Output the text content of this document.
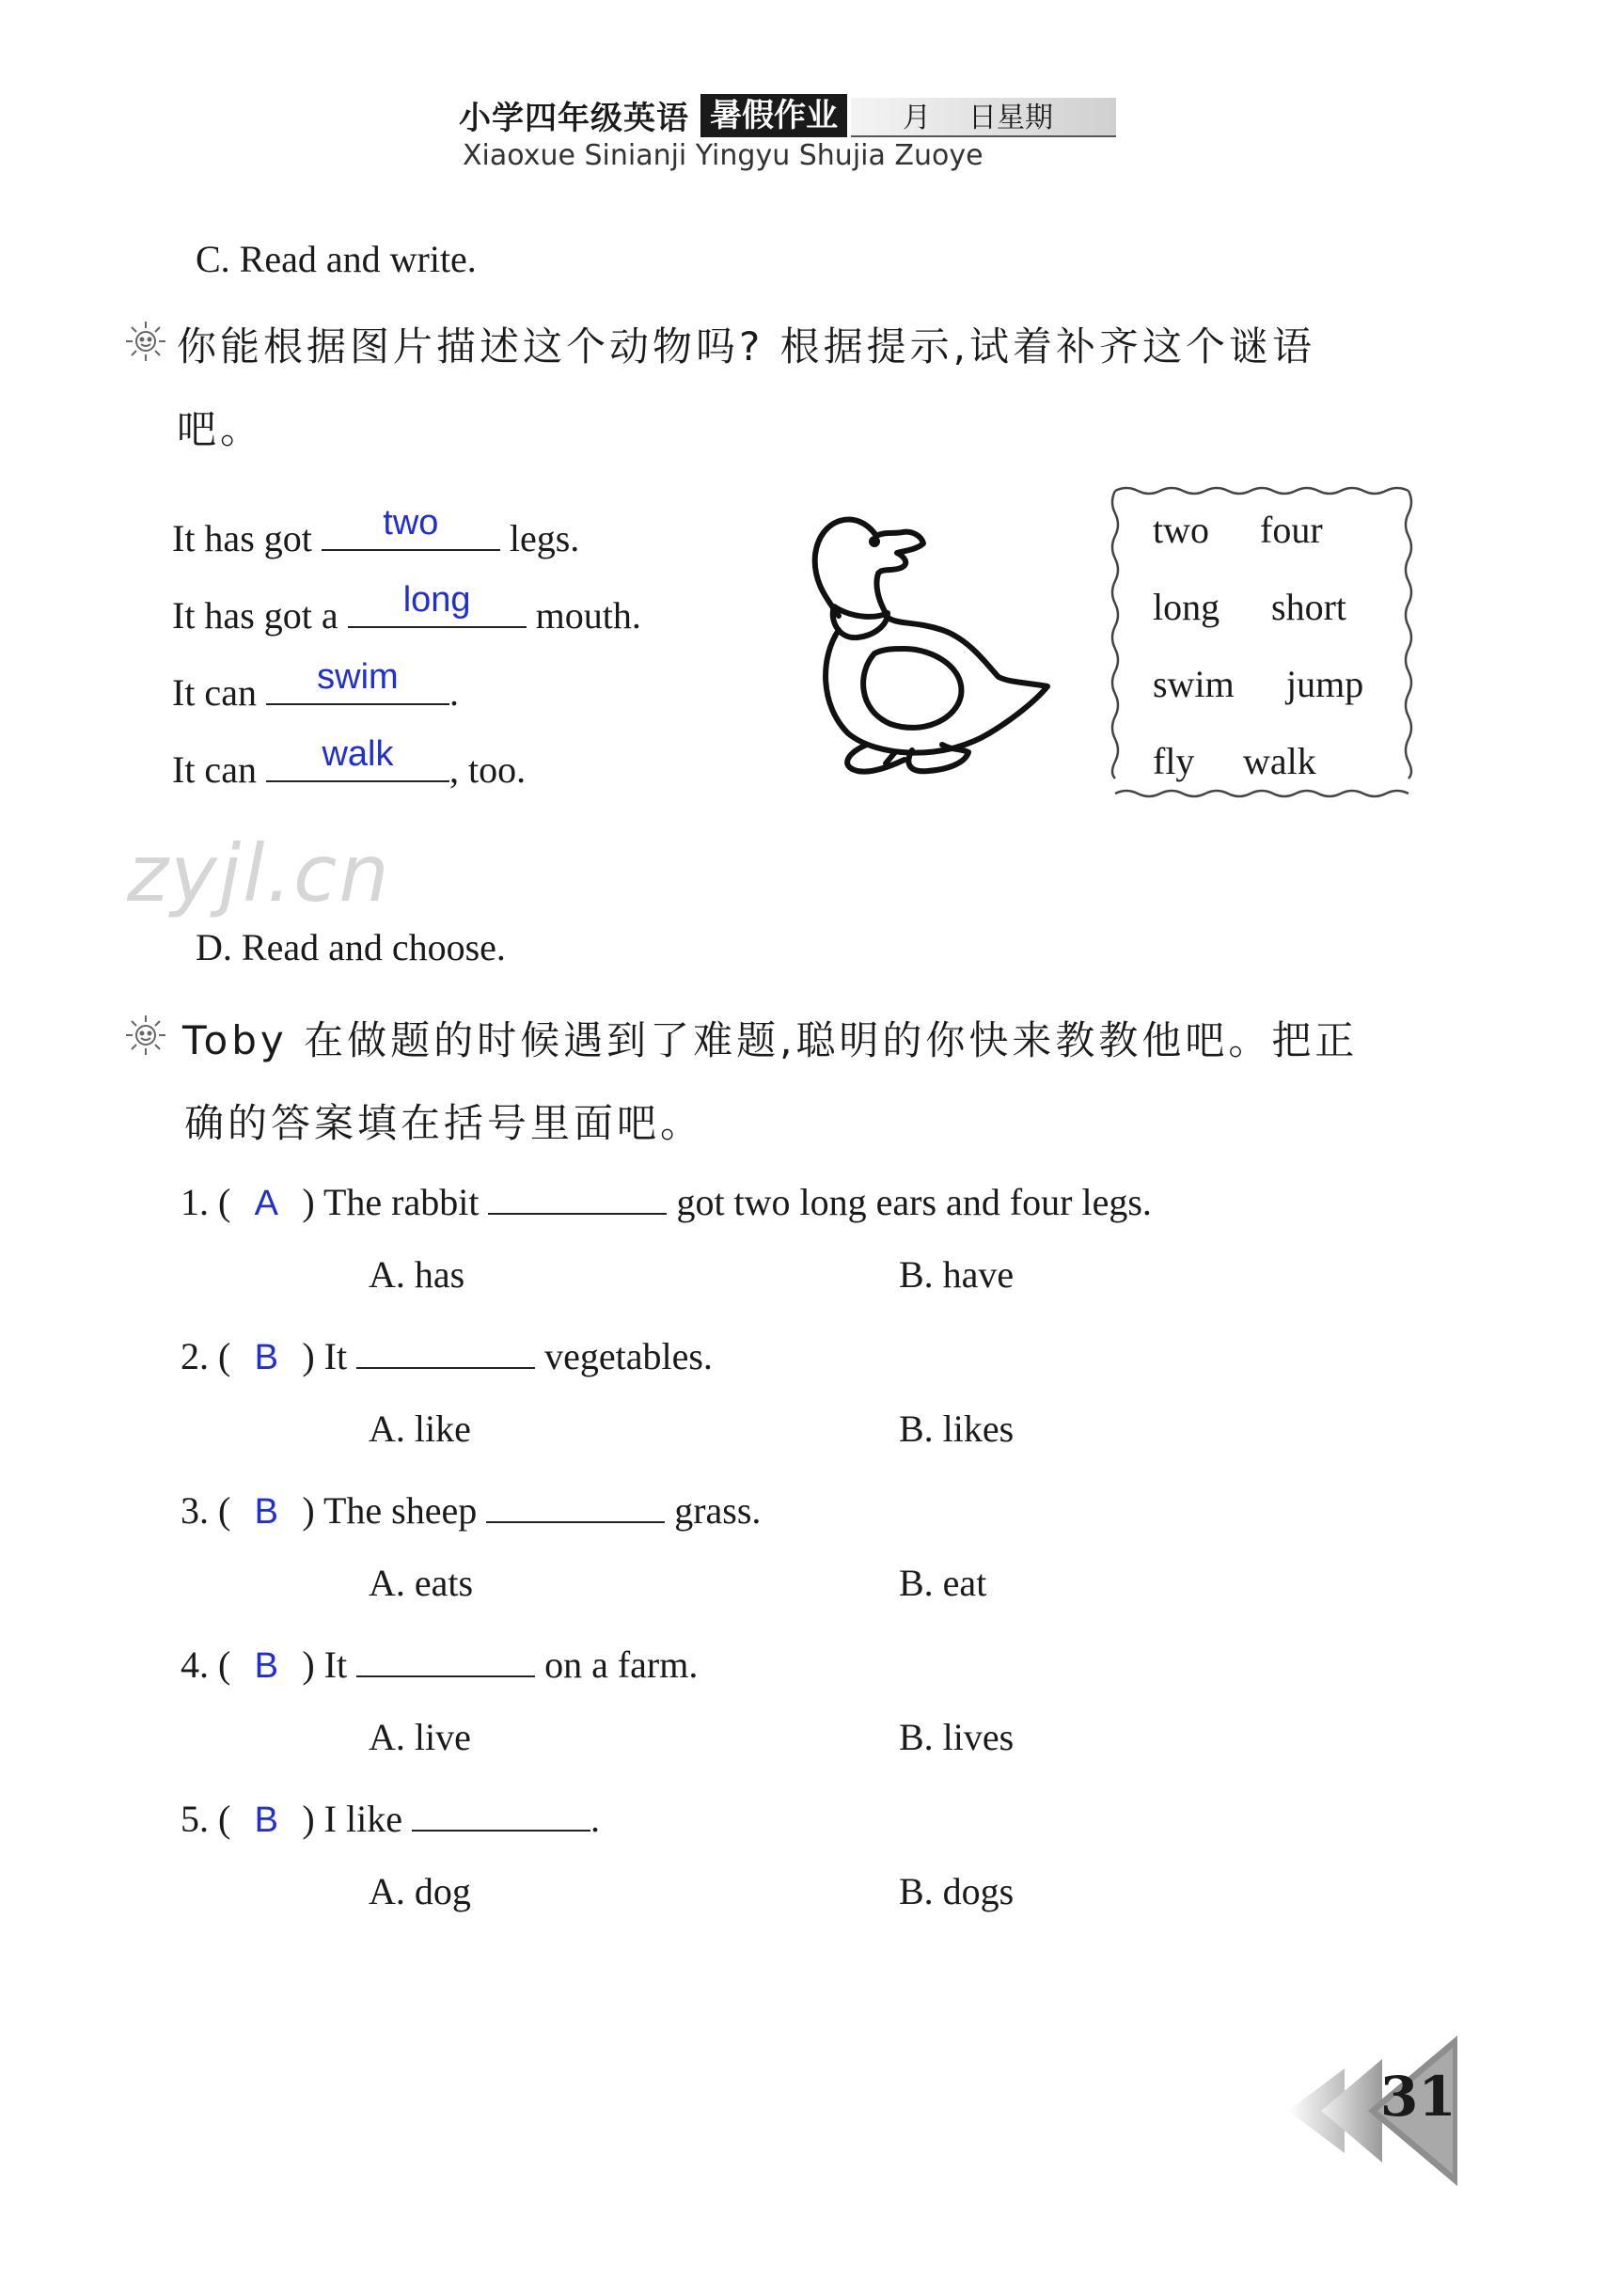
小学四年级英语 暑假作业	月 日星期
Xiaoxue Sinianji Yingyu Shujia Zuoye
C. Read and write.
你能根据图片描述这个动物吗? 根据提示,试着补齐这个谜语
吧。
It has got	two	legs.
It has got a	long	mouth.
It can	swim	.
It can	walk	, too.
two four
long short
swim jump
fly walk
zyjl.cn
D. Read and choose.
Toby 在做题的时候遇到了难题,聪明的你快来教教他吧。把正
确的答案填在括号里面吧。
1. ( A ) The rabbit	got two long ears and four legs.
A. has	B. have
2. ( B ) It	vegetables.
A. like	B. likes
3. ( B ) The sheep	grass.
A. eats	B. eat
4. ( B ) It	on a farm.
A. live	B. lives
5. ( B ) I like	.
A. dog	B. dogs
31
